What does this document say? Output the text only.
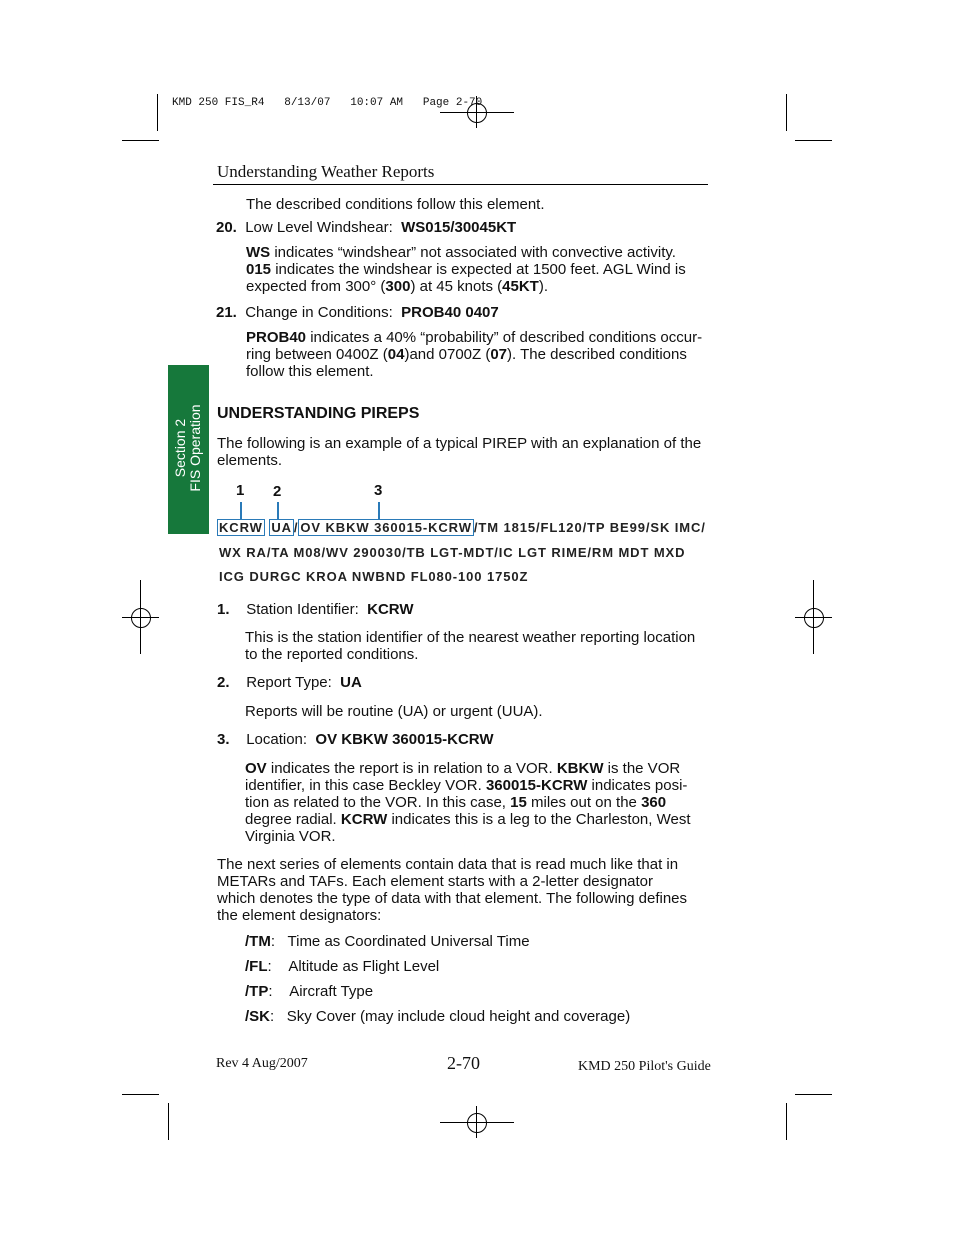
KMD 250 FIS_R4   8/13/07   10:07 AM   Page 2-70
Understanding Weather Reports
Section 2
FIS Operation
The described conditions follow this element.
20. Low Level Windshear: WS015/30045KT
WS indicates “windshear” not associated with convective activity.
015 indicates the windshear is expected at 1500 feet. AGL Wind is
expected from 300° (300) at 45 knots (45KT).
21. Change in Conditions: PROB40 0407
PROB40 indicates a 40% “probability” of described conditions occur-
ring between 0400Z (04)and 0700Z (07). The described conditions
follow this element.
UNDERSTANDING PIREPS
The following is an example of a typical PIREP with an explanation of the
elements.
1 2	3
KCRW UA / OV KBKW 360015-KCRW /TM 1815/FL120/TP BE99/SK IMC/
WX RA/TA M08/WV 290030/TB LGT-MDT/IC LGT RIME/RM MDT MXD
ICG DURGC KROA NWBND FL080-100 1750Z
1. Station Identifier: KCRW
This is the station identifier of the nearest weather reporting location
to the reported conditions.
2. Report Type: UA
Reports will be routine (UA) or urgent (UUA).
3. Location: OV KBKW 360015-KCRW
OV indicates the report is in relation to a VOR. KBKW is the VOR
identifier, in this case Beckley VOR. 360015-KCRW indicates posi-
tion as related to the VOR. In this case, 15 miles out on the 360
degree radial. KCRW indicates this is a leg to the Charleston, West
Virginia VOR.
The next series of elements contain data that is read much like that in
METARs and TAFs. Each element starts with a 2-letter designator
which denotes the type of data with that element. The following defines
the element designators:
/TM:   Time as Coordinated Universal Time
/FL:    Altitude as Flight Level
/TP:    Aircraft Type
/SK:   Sky Cover (may include cloud height and coverage)
Rev 4 Aug/2007	2-70	KMD 250 Pilot's Guide
